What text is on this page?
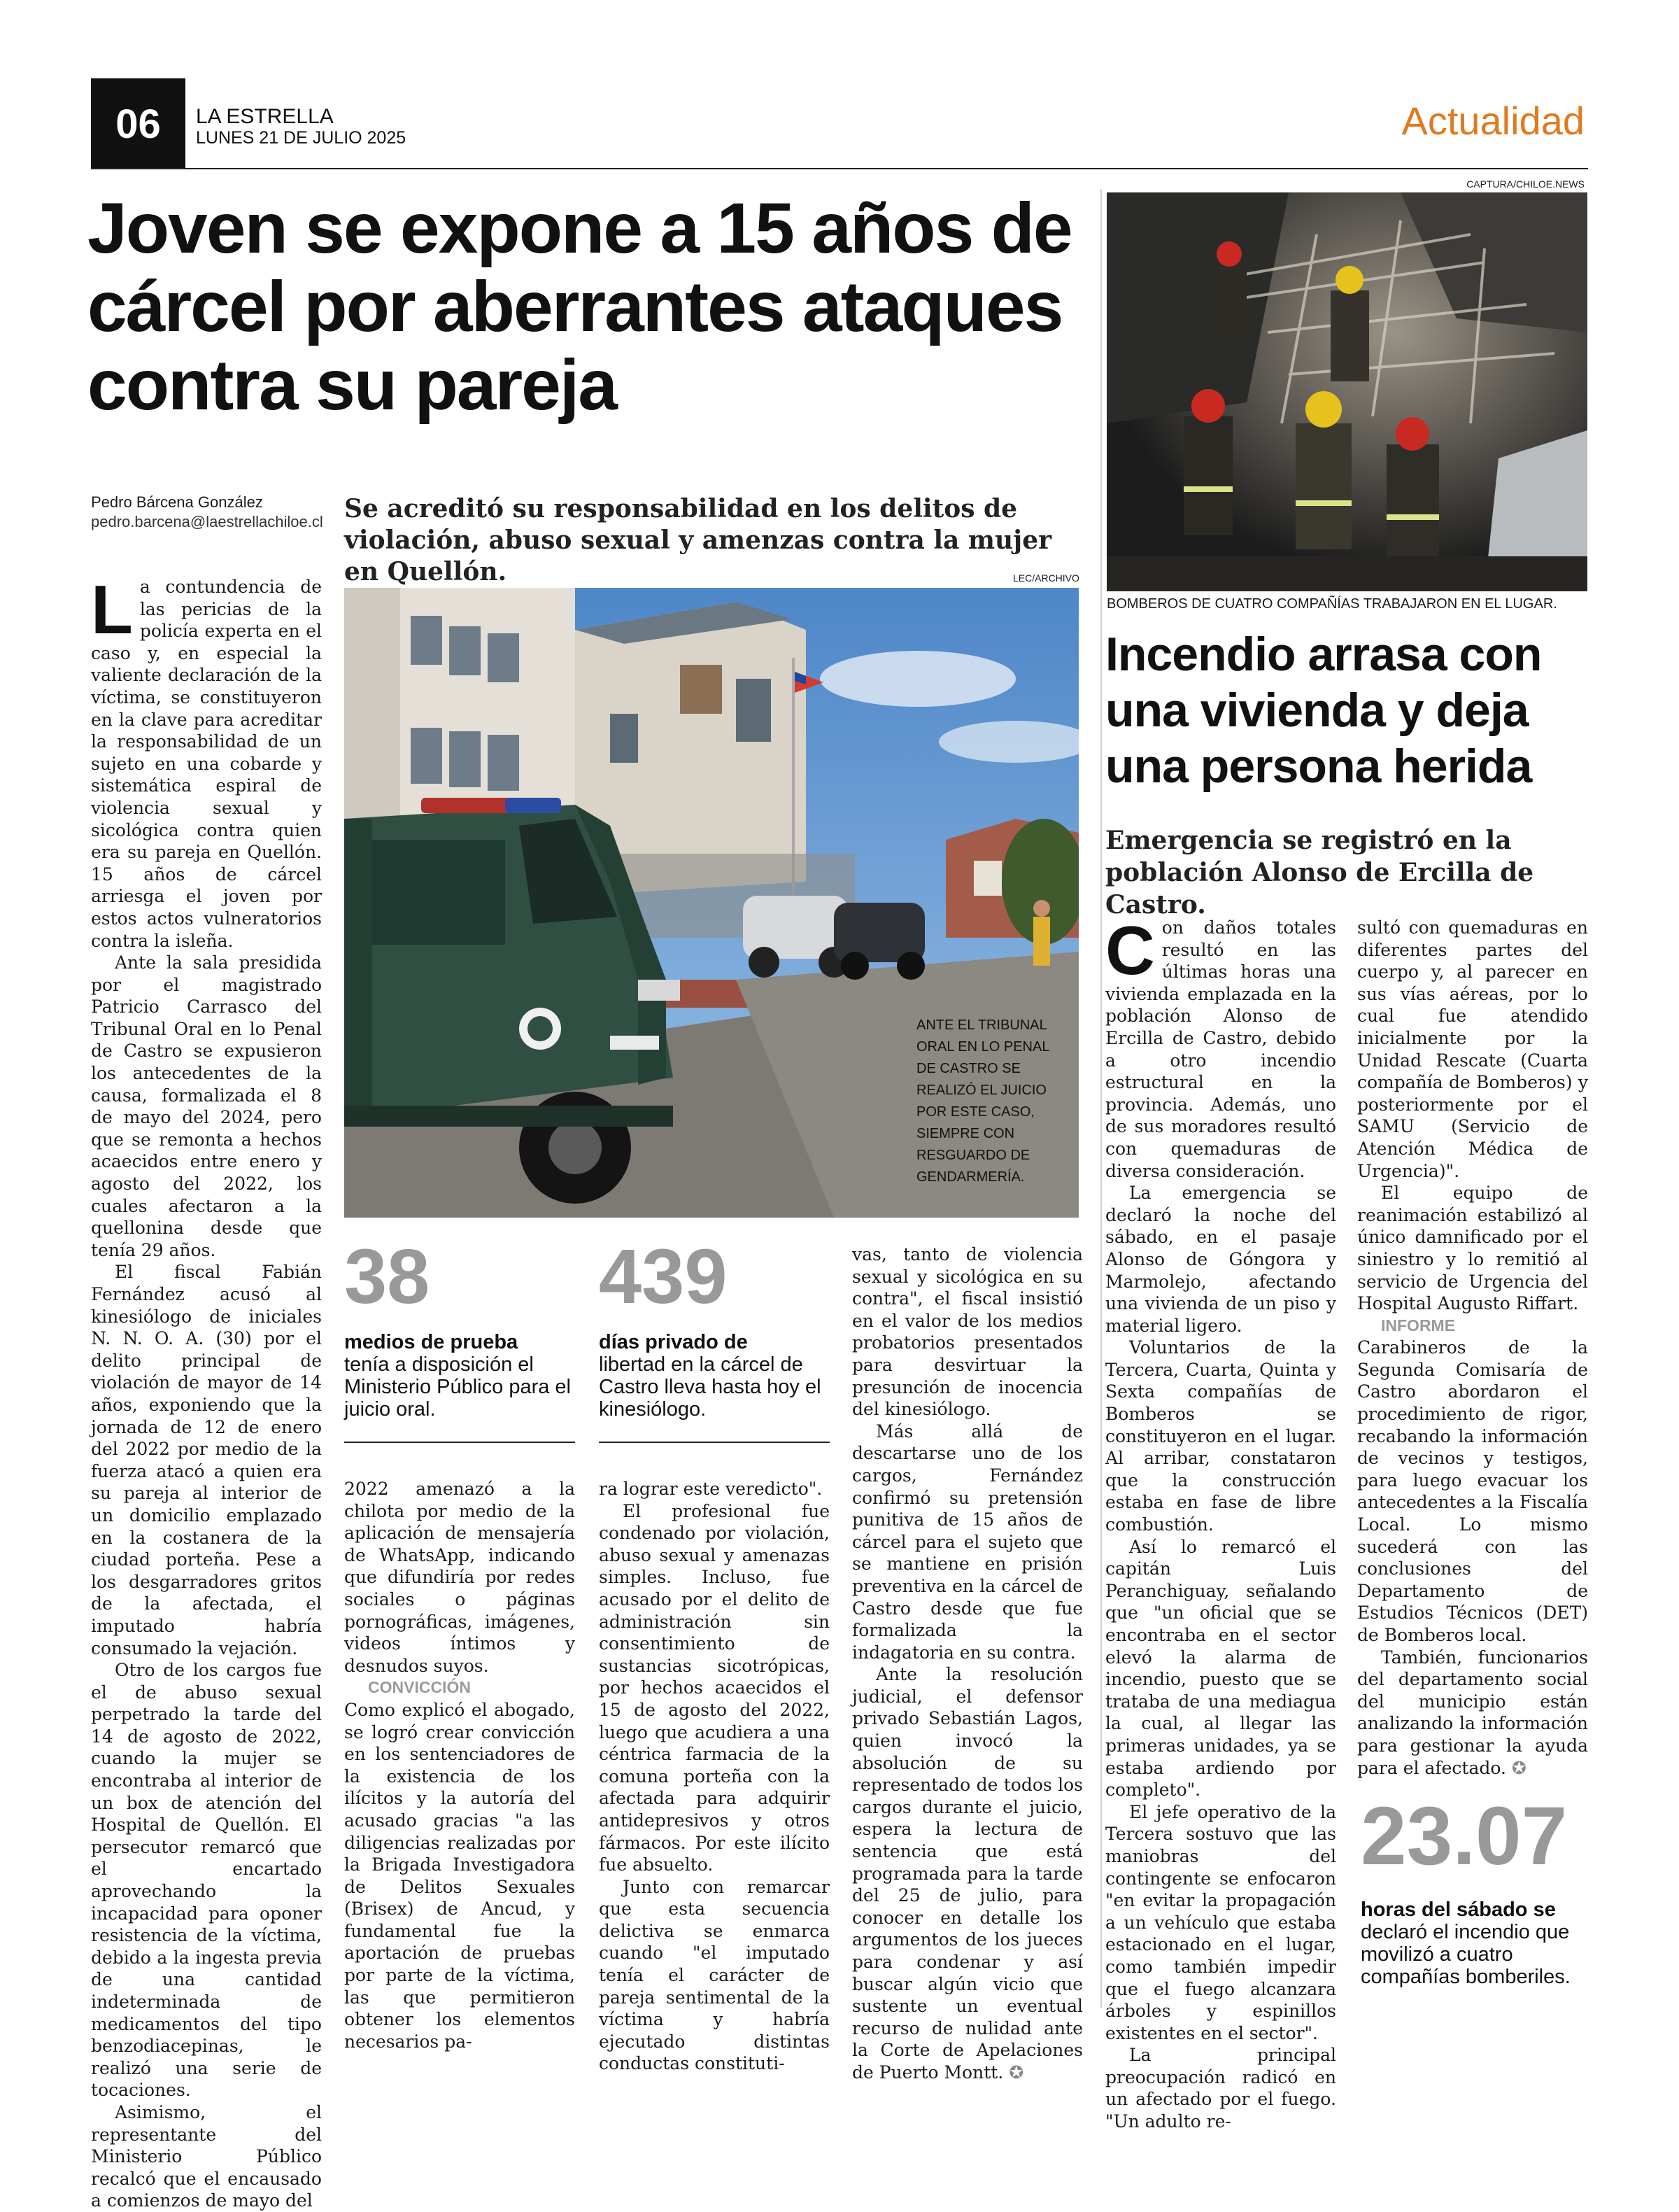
06	LA ESTRELLA
LUNES 21 DE JULIO 2025	Actualidad
Joven se expone a 15 años de cárcel por aberrantes ataques contra su pareja
Pedro Bárcena González
pedro.barcena@laestrellachiloe.cl Se acreditó su responsabilidad en los delitos de violación, abuso sexual y amenzas contra la mujer en Quellón.	LEC/ARCHIVO
ANTE EL TRIBUNAL ORAL EN LO PENAL DE CASTRO SE REALIZÓ EL JUICIO POR ESTE CASO, SIEMPRE CON RESGUARDO DE GENDARMERÍA.
L a contundencia de las pericias de la policía experta en el caso y, en especial la valiente declaración de la víctima, se constituyeron en la clave para acreditar la responsabilidad de un sujeto en una cobarde y sistemática espiral de violencia sexual y sicológica contra quien era su pareja en Quellón. 15 años de cárcel arriesga el joven por estos actos vulneratorios contra la isleña.

Ante la sala presidida por el magistrado Patricio Carrasco del Tribunal Oral en lo Penal de Castro se expusieron los antecedentes de la causa, formalizada el 8 de mayo del 2024, pero que se remonta a hechos acaecidos entre enero y agosto del 2022, los cuales afectaron a la quellonina desde que tenía 29 años.

El fiscal Fabián Fernández acusó al kinesiólogo de iniciales N. N. O. A. (30) por el delito principal de violación de mayor de 14 años, exponiendo que la jornada de 12 de enero del 2022 por medio de la fuerza atacó a quien era su pareja al interior de un domicilio emplazado en la costanera de la ciudad porteña. Pese a los desgarradores gritos de la afectada, el imputado habría consumado la vejación.

Otro de los cargos fue el de abuso sexual perpetrado la tarde del 14 de agosto de 2022, cuando la mujer se encontraba al interior de un box de atención del Hospital de Quellón. El persecutor remarcó que el encartado aprovechando la incapacidad para oponer resistencia de la víctima, debido a la ingesta previa de una cantidad indeterminada de medicamentos del tipo benzodiacepinas, le realizó una serie de tocaciones.

Asimismo, el representante del Ministerio Público recalcó que el encausado a comienzos de mayo del

38
medios de prueba
tenía a disposición el Ministerio Público para el juicio oral.
439
días privado de
libertad en la cárcel de Castro lleva hasta hoy el kinesiólogo.

2022 amenazó a la chilota por medio de la aplicación de mensajería de WhatsApp, indicando que difundiría por redes sociales o páginas pornográficas, imágenes, videos íntimos y desnudos suyos.

CONVICCIÓN

Como explicó el abogado, se logró crear convicción en los sentenciadores de la existencia de los ilícitos y la autoría del acusado gracias "a las diligencias realizadas por la Brigada Investigadora de Delitos Sexuales (Brisex) de Ancud, y fundamental fue la aportación de pruebas por parte de la víctima, las que permitieron obtener los elementos necesarios pa-

ra lograr este veredicto".

El profesional fue condenado por violación, abuso sexual y amenazas simples. Incluso, fue acusado por el delito de administración sin consentimiento de sustancias sicotrópicas, por hechos acaecidos el 15 de agosto del 2022, luego que acudiera a una céntrica farmacia de la comuna porteña con la afectada para adquirir antidepresivos y otros fármacos. Por este ilícito fue absuelto.

Junto con remarcar que esta secuencia delictiva se enmarca cuando "el imputado tenía el carácter de pareja sentimental de la víctima y habría ejecutado distintas conductas constituti-

vas, tanto de violencia sexual y sicológica en su contra", el fiscal insistió en el valor de los medios probatorios presentados para desvirtuar la presunción de inocencia del kinesiólogo.

Más allá de descartarse uno de los cargos, Fernández confirmó su pretensión punitiva de 15 años de cárcel para el sujeto que se mantiene en prisión preventiva en la cárcel de Castro desde que fue formalizada la indagatoria en su contra.

Ante la resolución judicial, el defensor privado Sebastián Lagos, quien invocó la absolución de su representado de todos los cargos durante el juicio, espera la lectura de sentencia que está programada para la tarde del 25 de julio, para conocer en detalle los argumentos de los jueces para condenar y así buscar algún vicio que sustente un eventual recurso de nulidad ante la Corte de Apelaciones de Puerto Montt. ✪

CAPTURA/CHILOE.NEWS
BOMBEROS DE CUATRO COMPAÑÍAS TRABAJARON EN EL LUGAR.
Incendio arrasa con una vivienda y deja una persona herida
Emergencia se registró en la población Alonso de Ercilla de Castro.
C on daños totales resultó en las últimas horas una vivienda emplazada en la población Alonso de Ercilla de Castro, debido a otro incendio estructural en la provincia. Además, uno de sus moradores resultó con quemaduras de diversa consideración.

La emergencia se declaró la noche del sábado, en el pasaje Alonso de Góngora y Marmolejo, afectando una vivienda de un piso y material ligero.

Voluntarios de la Tercera, Cuarta, Quinta y Sexta compañías de Bomberos se constituyeron en el lugar. Al arribar, constataron que la construcción estaba en fase de libre combustión.

Así lo remarcó el capitán Luis Peranchiguay, señalando que "un oficial que se encontraba en el sector elevó la alarma de incendio, puesto que se trataba de una mediagua la cual, al llegar las primeras unidades, ya se estaba ardiendo por completo".

El jefe operativo de la Tercera sostuvo que las maniobras del contingente se enfocaron "en evitar la propagación a un vehículo que estaba estacionado en el lugar, como también impedir que el fuego alcanzara árboles y espinillos existentes en el sector".

La principal preocupación radicó en un afectado por el fuego. "Un adulto re-

sultó con quemaduras en diferentes partes del cuerpo y, al parecer en sus vías aéreas, por lo cual fue atendido inicialmente por la Unidad Rescate (Cuarta compañía de Bomberos) y posteriormente por el SAMU (Servicio de Atención Médica de Urgencia)".

El equipo de reanimación estabilizó al único damnificado por el siniestro y lo remitió al servicio de Urgencia del Hospital Augusto Riffart.

INFORME

Carabineros de la Segunda Comisaría de Castro abordaron el procedimiento de rigor, recabando la información de vecinos y testigos, para luego evacuar los antecedentes a la Fiscalía Local. Lo mismo sucederá con las conclusiones del Departamento de Estudios Técnicos (DET) de Bomberos local.

También, funcionarios del departamento social del municipio están analizando la información para gestionar la ayuda para el afectado. ✪

23.07
horas del sábado se
declaró el incendio que movilizó a cuatro compañías bomberiles.
